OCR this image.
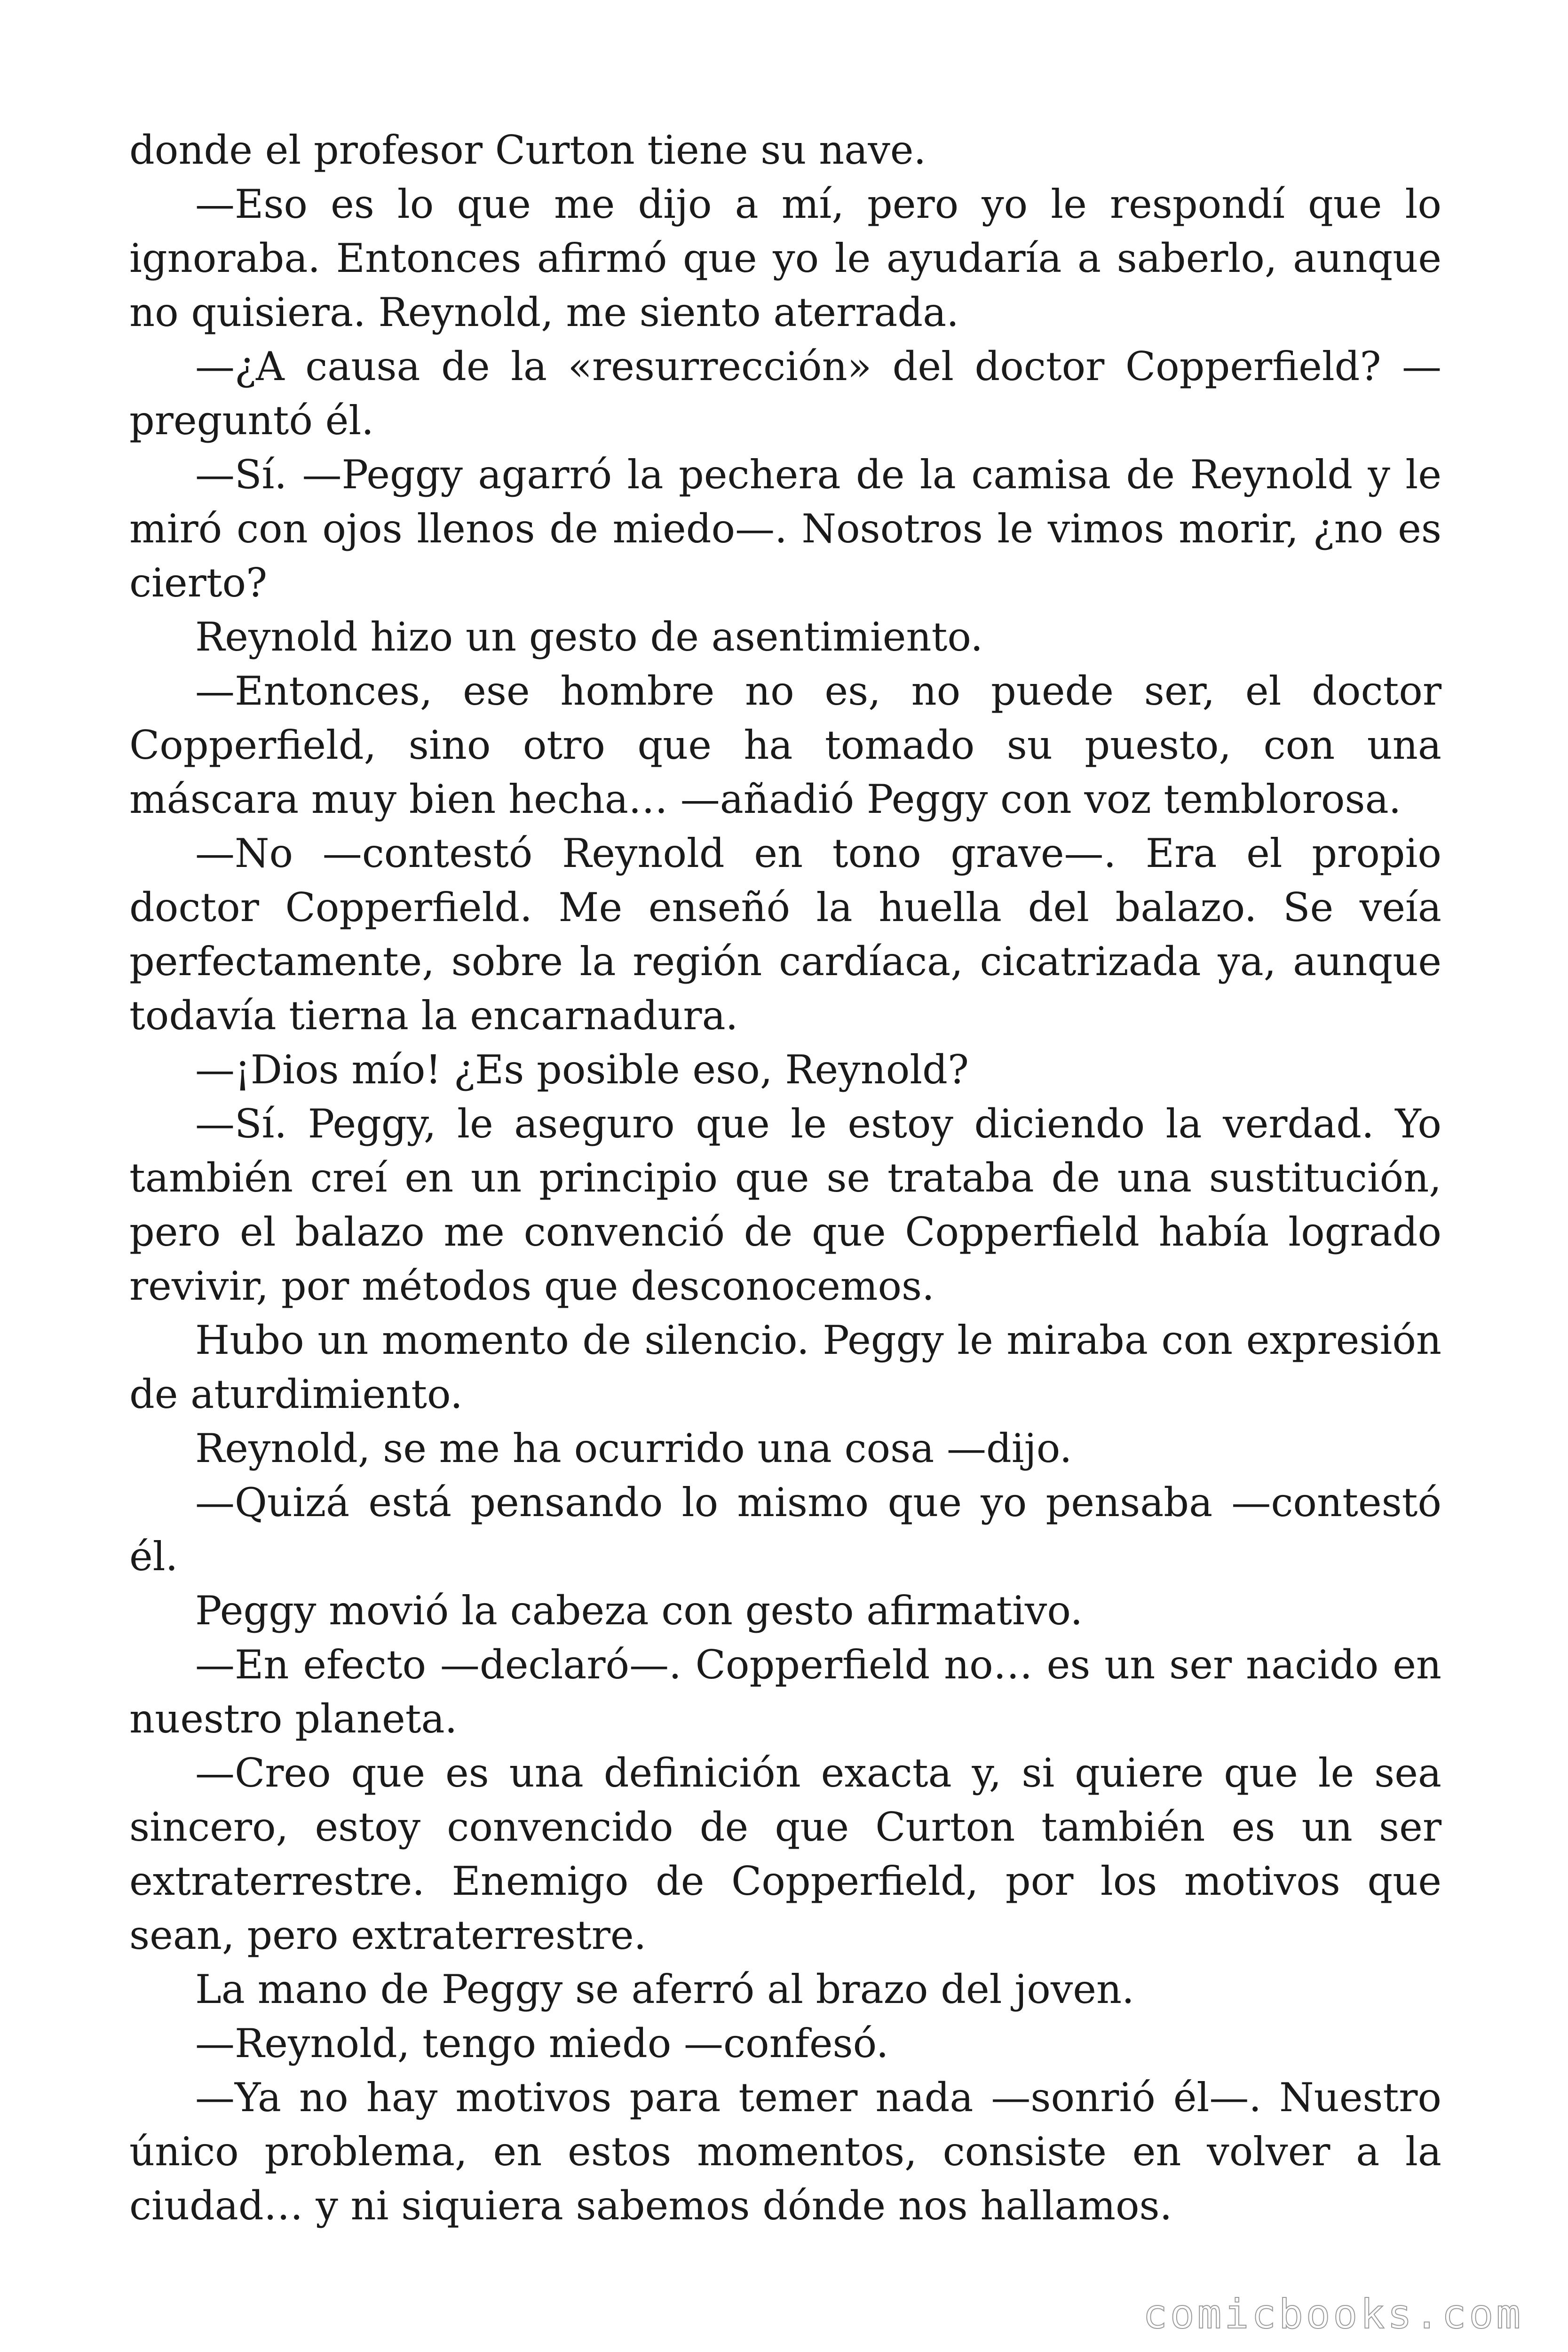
donde el profesor Curton tiene su nave.

—Eso es lo que me dijo a mí, pero yo le respondí que lo ignoraba. Entonces afirmó que yo le ayudaría a saberlo, aunque no quisiera. Reynold, me siento aterrada.

—¿A causa de la «resurrección» del doctor Copperfield? —preguntó él.

—Sí. —Peggy agarró la pechera de la camisa de Reynold y le miró con ojos llenos de miedo—. Nosotros le vimos morir, ¿no es cierto?

Reynold hizo un gesto de asentimiento.

—Entonces, ese hombre no es, no puede ser, el doctor Copperfield, sino otro que ha tomado su puesto, con una máscara muy bien hecha… —añadió Peggy con voz temblorosa.

—No —contestó Reynold en tono grave—. Era el propio doctor Copperfield. Me enseñó la huella del balazo. Se veía perfectamente, sobre la región cardíaca, cicatrizada ya, aunque todavía tierna la encarnadura.

—¡Dios mío! ¿Es posible eso, Reynold?

—Sí. Peggy, le aseguro que le estoy diciendo la verdad. Yo también creí en un principio que se trataba de una sustitución, pero el balazo me convenció de que Copperfield había logrado revivir, por métodos que desconocemos.

Hubo un momento de silencio. Peggy le miraba con expresión de aturdimiento.

Reynold, se me ha ocurrido una cosa —dijo.

—Quizá está pensando lo mismo que yo pensaba —contestó él.

Peggy movió la cabeza con gesto afirmativo.

—En efecto —declaró—. Copperfield no… es un ser nacido en nuestro planeta.

—Creo que es una definición exacta y, si quiere que le sea sincero, estoy convencido de que Curton también es un ser extraterrestre. Enemigo de Copperfield, por los motivos que sean, pero extraterrestre.

La mano de Peggy se aferró al brazo del joven.

—Reynold, tengo miedo —confesó.

—Ya no hay motivos para temer nada —sonrió él—. Nuestro único problema, en estos momentos, consiste en volver a la ciudad… y ni siquiera sabemos dónde nos hallamos.

comicbooks.com
